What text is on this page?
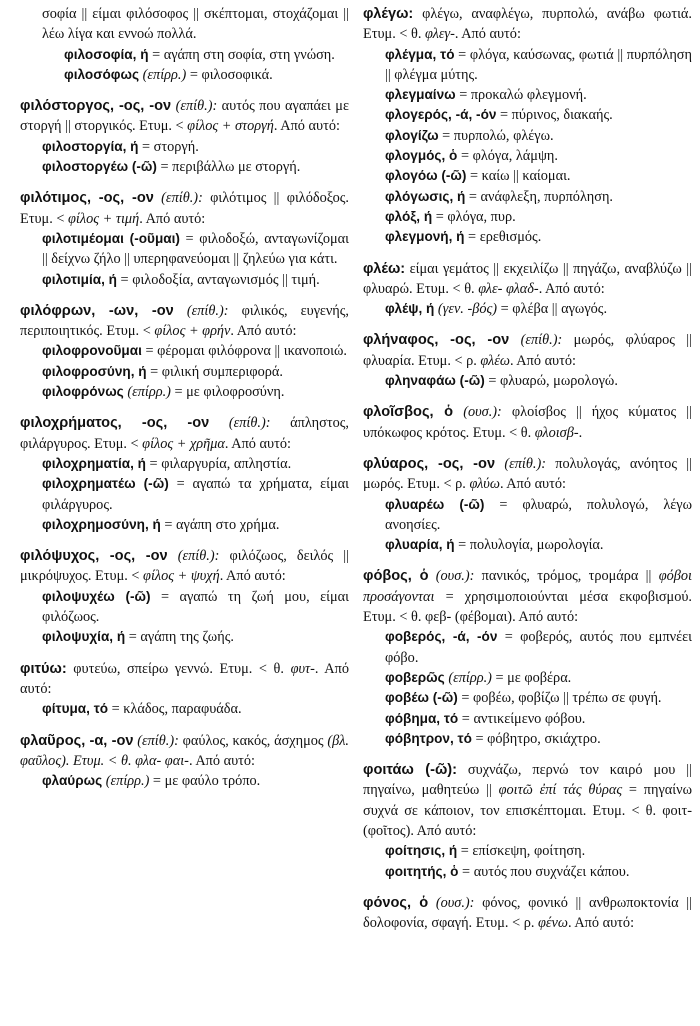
σοφία || είμαι φιλόσοφος || σκέπτομαι, στοχάζομαι || λέω λίγα και εννοώ πολλά.
φιλοσοφία, ή = αγάπη στη σοφία, στη γνώση.
φιλοσόφως (επίρρ.) = φιλοσοφικά.
φιλόστοργος, -ος, -ον (επίθ.): αυτός που αγαπάει με στοργή || στοργικός. Ετυμ. < φίλος + στοργή. Από αυτό:
φιλοστοργία, ή = στοργή.
φιλοστοργέω (-ῶ) = περιβάλλω με στοργή.
φιλότιμος, -ος, -ον (επίθ.): φιλότιμος || φιλόδοξος. Ετυμ. < φίλος + τιμή. Από αυτό:
φιλοτιμέομαι (-οῦμαι) = φιλοδοξώ, ανταγωνίζομαι || δείχνω ζήλο || υπερηφανεύομαι || ζηλεύω για κάτι.
φιλοτιμία, ή = φιλοδοξία, ανταγωνισμός || τιμή.
φιλόφρων, -ων, -ον (επίθ.): φιλικός, ευγενής, περιποιητικός. Ετυμ. < φίλος + φρήν. Από αυτό:
φιλοφρονοῦμαι = φέρομαι φιλόφρονα || ικανοποιώ.
φιλοφροσύνη, ή = φιλική συμπεριφορά.
φιλοφρόνως (επίρρ.) = με φιλοφροσύνη.
φιλοχρήματος, -ος, -ον (επίθ.): άπληστος, φιλάργυρος. Ετυμ. < φίλος + χρῆμα. Από αυτό:
φιλοχρηματία, ή = φιλαργυρία, απληστία.
φιλοχρηματέω (-ῶ) = αγαπώ τα χρήματα, είμαι φιλάργυρος.
φιλοχρημοσύνη, ή = αγάπη στο χρήμα.
φιλόψυχος, -ος, -ον (επίθ.): φιλόζωος, δειλός || μικρόψυχος. Ετυμ. < φίλος + ψυχή. Από αυτό:
φιλοψυχέω (-ῶ) = αγαπώ τη ζωή μου, είμαι φιλόζωος.
φιλοψυχία, ή = αγάπη της ζωής.
φιτύω: φυτεύω, σπείρω γεννώ. Ετυμ. < θ. φυτ-. Από αυτό:
φίτυμα, τό = κλάδος, παραφυάδα.
φλαῦρος, -α, -ον (επίθ.): φαύλος, κακός, άσχημος (βλ. φαῦλος). Ετυμ. < θ. φλα- φαι-. Από αυτό:
φλαύρως (επίρρ.) = με φαύλο τρόπο.
φλέγω: φλέγω, αναφλέγω, πυρπολώ, ανάβω φωτιά. Ετυμ. < θ. φλεγ-. Από αυτό:
φλέγμα, τό = φλόγα, καύσωνας, φωτιά || πυρπόληση || φλέγμα μύτης.
φλεγμαίνω = προκαλώ φλεγμονή.
φλογερός, -ά, -όν = πύρινος, διακαής.
φλογίζω = πυρπολώ, φλέγω.
φλογμός, ὁ = φλόγα, λάμψη.
φλογόω (-ῶ) = καίω || καίομαι.
φλόγωσις, ή = ανάφλεξη, πυρπόληση.
φλόξ, ή = φλόγα, πυρ.
φλεγμονή, ή = ερεθισμός.
φλέω: είμαι γεμάτος || εκχειλίζω || πηγάζω, αναβλύζω || φλυαρώ. Ετυμ. < θ. φλε- φλαδ-. Από αυτό:
φλέψ, ή (γεν. -βός) = φλέβα || αγωγός.
φλήναφος, -ος, -ον (επίθ.): μωρός, φλύαρος || φλυαρία. Ετυμ. < ρ. φλέω. Από αυτό:
φληναφάω (-ῶ) = φλυαρώ, μωρολογώ.
φλοῖσβος, ὁ (ουσ.): φλοίσβος || ήχος κύματος || υπόκωφος κρότος. Ετυμ. < θ. φλοισβ-.
φλύαρος, -ος, -ον (επίθ.): πολυλογάς, ανόητος || μωρός. Ετυμ. < ρ. φλύω. Από αυτό:
φλυαρέω (-ῶ) = φλυαρώ, πολυλογώ, λέγω ανοησίες.
φλυαρία, ή = πολυλογία, μωρολογία.
φόβος, ὁ (ουσ.): πανικός, τρόμος, τρομάρα || φόβοι προσάγονται = χρησιμοποιούνται μέσα εκφοβισμού. Ετυμ. < θ. φεβ- (φέβομαι). Από αυτό:
φοβερός, -ά, -όν = φοβερός, αυτός που εμπνέει φόβο.
φοβερῶς (επίρρ.) = με φοβέρα.
φοβέω (-ῶ) = φοβέω, φοβίζω || τρέπω σε φυγή.
φόβημα, τό = αντικείμενο φόβου.
φόβητρον, τό = φόβητρο, σκιάχτρο.
φοιτάω (-ῶ): συχνάζω, περνώ τον καιρό μου || πηγαίνω, μαθητεύω || φοιτῶ ἐπί τάς θύρας = πηγαίνω συχνά σε κάποιον, τον επισκέπτομαι. Ετυμ. < θ. φοιτ- (φοῖτος). Από αυτό:
φοίτησις, ή = επίσκεψη, φοίτηση.
φοιτητής, ὁ = αυτός που συχνάζει κάπου.
φόνος, ὁ (ουσ.): φόνος, φονικό || ανθρωποκτονία || δολοφονία, σφαγή. Ετυμ. < ρ. φένω. Από αυτό:
